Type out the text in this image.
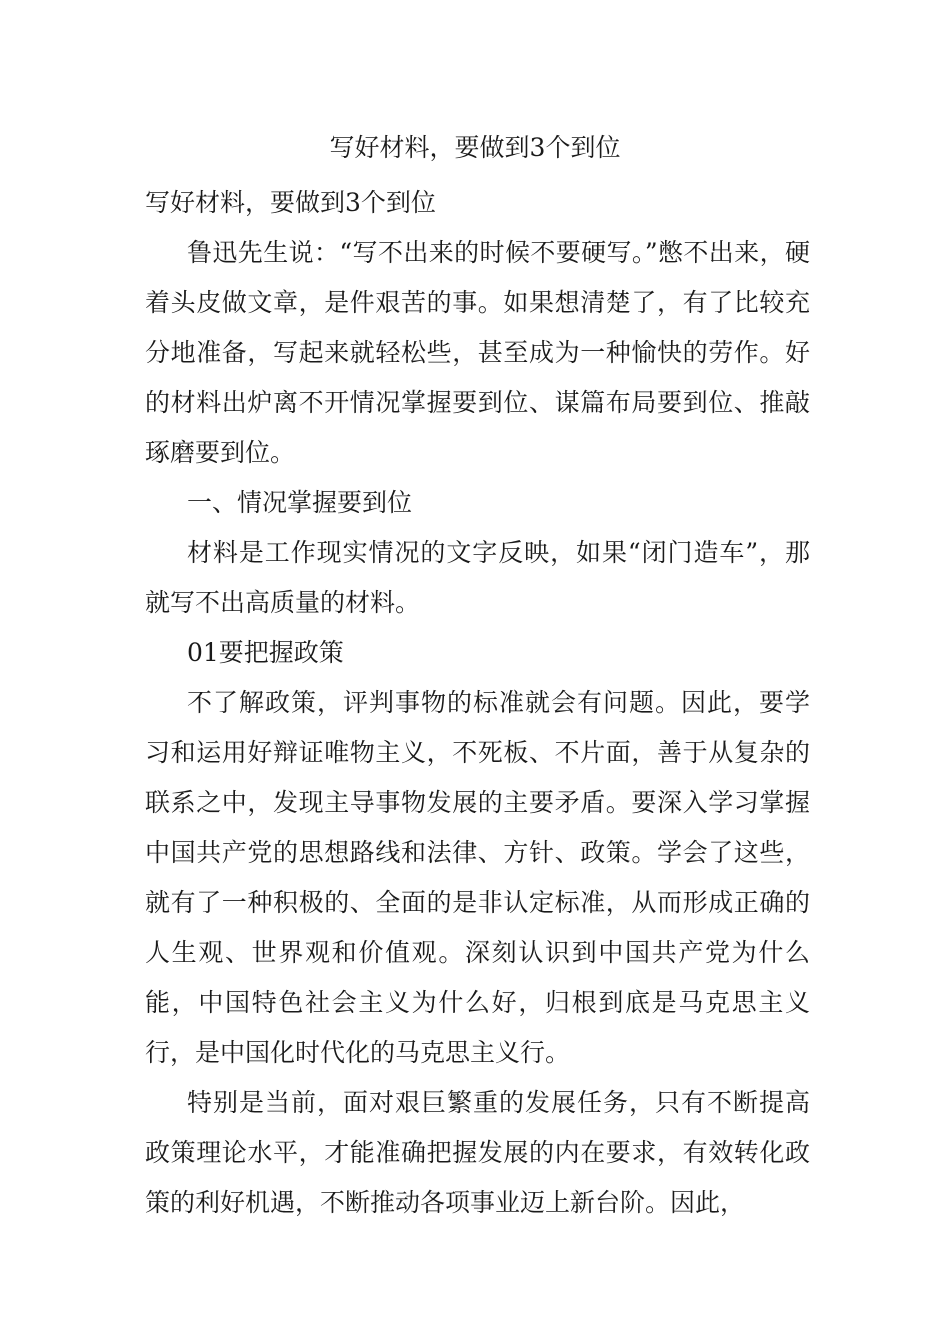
写好材料，要做到3个到位

写好材料，要做到3个到位

鲁迅先生说：“写不出来的时候不要硬写。”憋不出来，硬着头皮做文章，是件艰苦的事。如果想清楚了，有了比较充分地准备，写起来就轻松些，甚至成为一种愉快的劳作。好的材料出炉离不开情况掌握要到位、谋篇布局要到位、推敲琢磨要到位。

一、情况掌握要到位

材料是工作现实情况的文字反映，如果“闭门造车”，那就写不出高质量的材料。

01要把握政策

不了解政策，评判事物的标准就会有问题。因此，要学习和运用好辩证唯物主义，不死板、不片面，善于从复杂的联系之中，发现主导事物发展的主要矛盾。要深入学习掌握中国共产党的思想路线和法律、方针、政策。学会了这些，就有了一种积极的、全面的是非认定标准，从而形成正确的人生观、世界观和价值观。深刻认识到中国共产党为什么能，中国特色社会主义为什么好，归根到底是马克思主义行，是中国化时代化的马克思主义行。

特别是当前，面对艰巨繁重的发展任务，只有不断提高政策理论水平，才能准确把握发展的内在要求，有效转化政策的利好机遇，不断推动各项事业迈上新台阶。因此，
